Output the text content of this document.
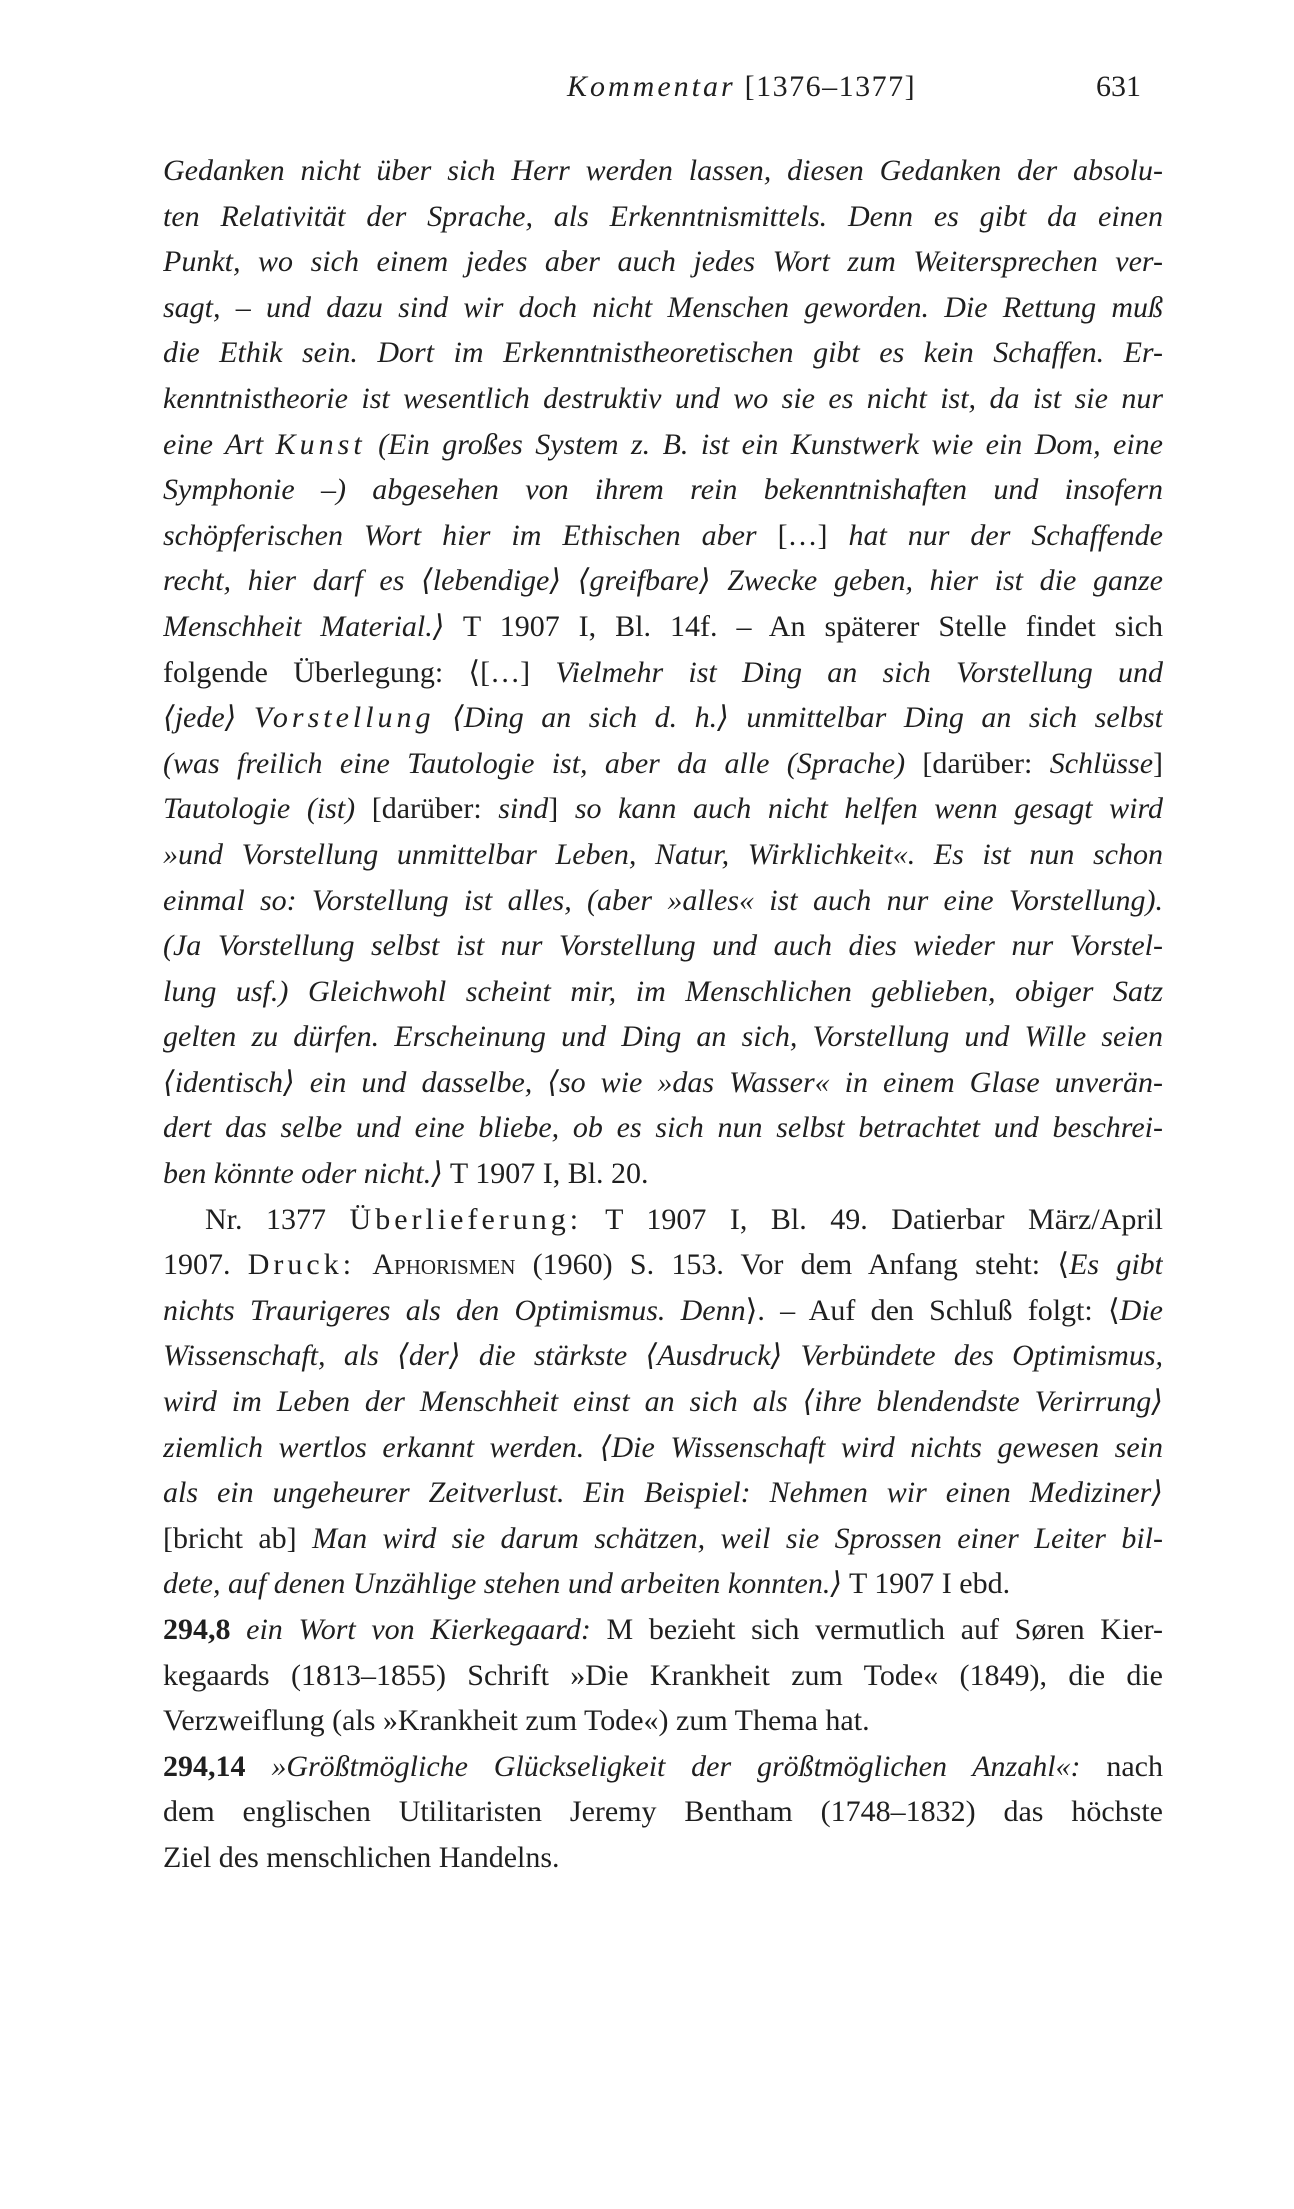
Kommentar [1376–1377]	631
Gedanken nicht über sich Herr werden lassen, diesen Gedanken der absolu-
ten Relativität der Sprache, als Erkenntnismittels. Denn es gibt da einen
Punkt, wo sich einem jedes aber auch jedes Wort zum Weitersprechen ver-
sagt, – und dazu sind wir doch nicht Menschen geworden. Die Rettung muß
die Ethik sein. Dort im Erkenntnistheoretischen gibt es kein Schaffen. Er-
kenntnistheorie ist wesentlich destruktiv und wo sie es nicht ist, da ist sie nur
eine Art Kunst (Ein großes System z. B. ist ein Kunstwerk wie ein Dom, eine
Symphonie –) abgesehen von ihrem rein bekenntnishaften und insofern
schöpferischen Wort hier im Ethischen aber […] hat nur der Schaffende
recht, hier darf es ⟨lebendige⟩ ⟨greifbare⟩ Zwecke geben, hier ist die ganze
Menschheit Material.⟩ T 1907 I, Bl. 14f. – An späterer Stelle findet sich
folgende Überlegung: ⟨[…] Vielmehr ist Ding an sich Vorstellung und
⟨jede⟩ Vorstellung ⟨Ding an sich d. h.⟩ unmittelbar Ding an sich selbst
(was freilich eine Tautologie ist, aber da alle (Sprache) [darüber: Schlüsse]
Tautologie (ist) [darüber: sind] so kann auch nicht helfen wenn gesagt wird
»und Vorstellung unmittelbar Leben, Natur, Wirklichkeit«. Es ist nun schon
einmal so: Vorstellung ist alles, (aber »alles« ist auch nur eine Vorstellung).
(Ja Vorstellung selbst ist nur Vorstellung und auch dies wieder nur Vorstel-
lung usf.) Gleichwohl scheint mir, im Menschlichen geblieben, obiger Satz
gelten zu dürfen. Erscheinung und Ding an sich, Vorstellung und Wille seien
⟨identisch⟩ ein und dasselbe, ⟨so wie »das Wasser« in einem Glase unverän-
dert das selbe und eine bliebe, ob es sich nun selbst betrachtet und beschrei-
ben könnte oder nicht.⟩ T 1907 I, Bl. 20.
Nr. 1377 Überlieferung: T 1907 I, Bl. 49. Datierbar März/April
1907. Druck: Aphorismen (1960) S. 153. Vor dem Anfang steht: ⟨Es gibt
nichts Traurigeres als den Optimismus. Denn⟩. – Auf den Schluß folgt: ⟨Die
Wissenschaft, als ⟨der⟩ die stärkste ⟨Ausdruck⟩ Verbündete des Optimismus,
wird im Leben der Menschheit einst an sich als ⟨ihre blendendste Verirrung⟩
ziemlich wertlos erkannt werden. ⟨Die Wissenschaft wird nichts gewesen sein
als ein ungeheurer Zeitverlust. Ein Beispiel: Nehmen wir einen Mediziner⟩
[bricht ab] Man wird sie darum schätzen, weil sie Sprossen einer Leiter bil-
dete, auf denen Unzählige stehen und arbeiten konnten.⟩ T 1907 I ebd.
294,8 ein Wort von Kierkegaard: M bezieht sich vermutlich auf Søren Kier-
kegaards (1813–1855) Schrift »Die Krankheit zum Tode« (1849), die die
Verzweiflung (als »Krankheit zum Tode«) zum Thema hat.
294,14 »Größtmögliche Glückseligkeit der größtmöglichen Anzahl«: nach
dem englischen Utilitaristen Jeremy Bentham (1748–1832) das höchste
Ziel des menschlichen Handelns.
